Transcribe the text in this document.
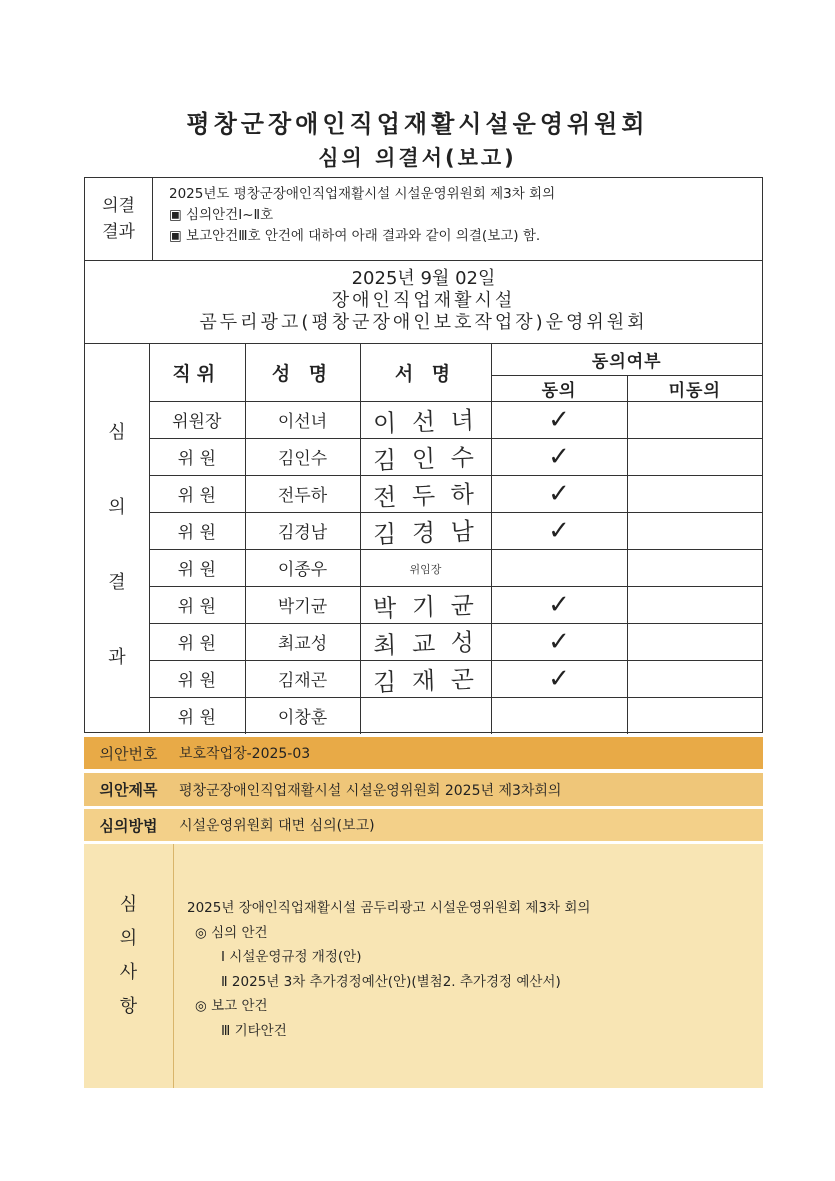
평창군장애인직업재활시설운영위원회
심의 의결서(보고)
의결
결과
2025년도 평창군장애인직업재활시설 시설운영위원회 제3차 회의
▣ 심의안건Ⅰ~Ⅱ호
▣ 보고안건Ⅲ호 안건에 대하여 아래 결과와 같이 의결(보고) 함.
2025년 9월 02일
장애인직업재활시설
곰두리광고(평창군장애인보호작업장)운영위원회
심
의
결
과
직위	성 명	서 명	동의여부	
			동의	미동의
위원장	이선녀	이 선 녀	✓	
위 원	김인수	김 인 수	✓	
위 원	전두하	전 두 하	✓	
위 원	김경남	김 경 남	✓	
위 원	이종우	위임장		
위 원	박기균	박 기 균	✓	
위 원	최교성	최 교 성	✓	
위 원	김재곤	김 재 곤	✓	
위 원	이창훈			
의안번호	보호작업장-2025-03
의안제목	평창군장애인직업재활시설 시설운영위원회 2025년 제3차회의
심의방법	시설운영위원회 대면 심의(보고)
심
의
사
항
2025년 장애인직업재활시설 곰두리광고 시설운영위원회 제3차 회의
◎ 심의 안건
Ⅰ 시설운영규정 개정(안)
Ⅱ 2025년 3차 추가경정예산(안)(별첨2. 추가경정 예산서)
◎ 보고 안건
Ⅲ 기타안건
